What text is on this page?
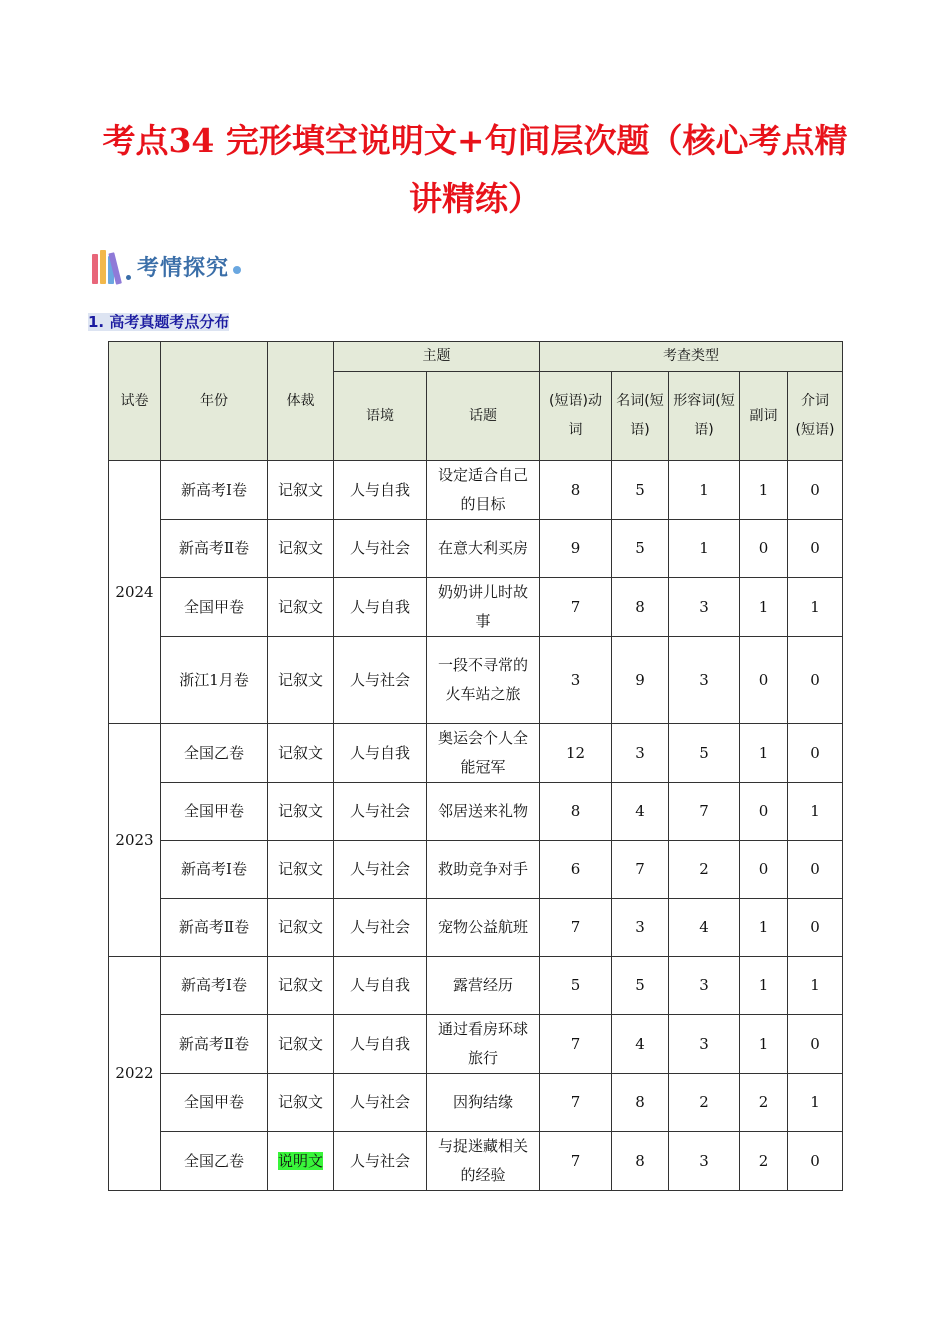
考点34 完形填空说明文+句间层次题（核心考点精
讲精练）
考情探究
1. 高考真题考点分布
试卷	年份	体裁	主题		考查类型				
			语境	话题	(短语)动词	名词(短语)	形容词(短语)	副词	介词(短语)
2024	新高考Ⅰ卷	记叙文	人与自我	设定适合自己的目标	8	5	1	1	0
	新高考Ⅱ卷	记叙文	人与社会	在意大利买房	9	5	1	0	0
	全国甲卷	记叙文	人与自我	奶奶讲儿时故事	7	8	3	1	1
	浙江1月卷	记叙文	人与社会	一段不寻常的火车站之旅	3	9	3	0	0
2023	全国乙卷	记叙文	人与自我	奥运会个人全能冠军	12	3	5	1	0
	全国甲卷	记叙文	人与社会	邻居送来礼物	8	4	7	0	1
	新高考Ⅰ卷	记叙文	人与社会	救助竞争对手	6	7	2	0	0
	新高考Ⅱ卷	记叙文	人与社会	宠物公益航班	7	3	4	1	0
2022	新高考Ⅰ卷	记叙文	人与自我	露营经历	5	5	3	1	1
	新高考Ⅱ卷	记叙文	人与自我	通过看房环球旅行	7	4	3	1	0
	全国甲卷	记叙文	人与社会	因狗结缘	7	8	2	2	1
	全国乙卷	说明文	人与社会	与捉迷藏相关的经验	7	8	3	2	0
